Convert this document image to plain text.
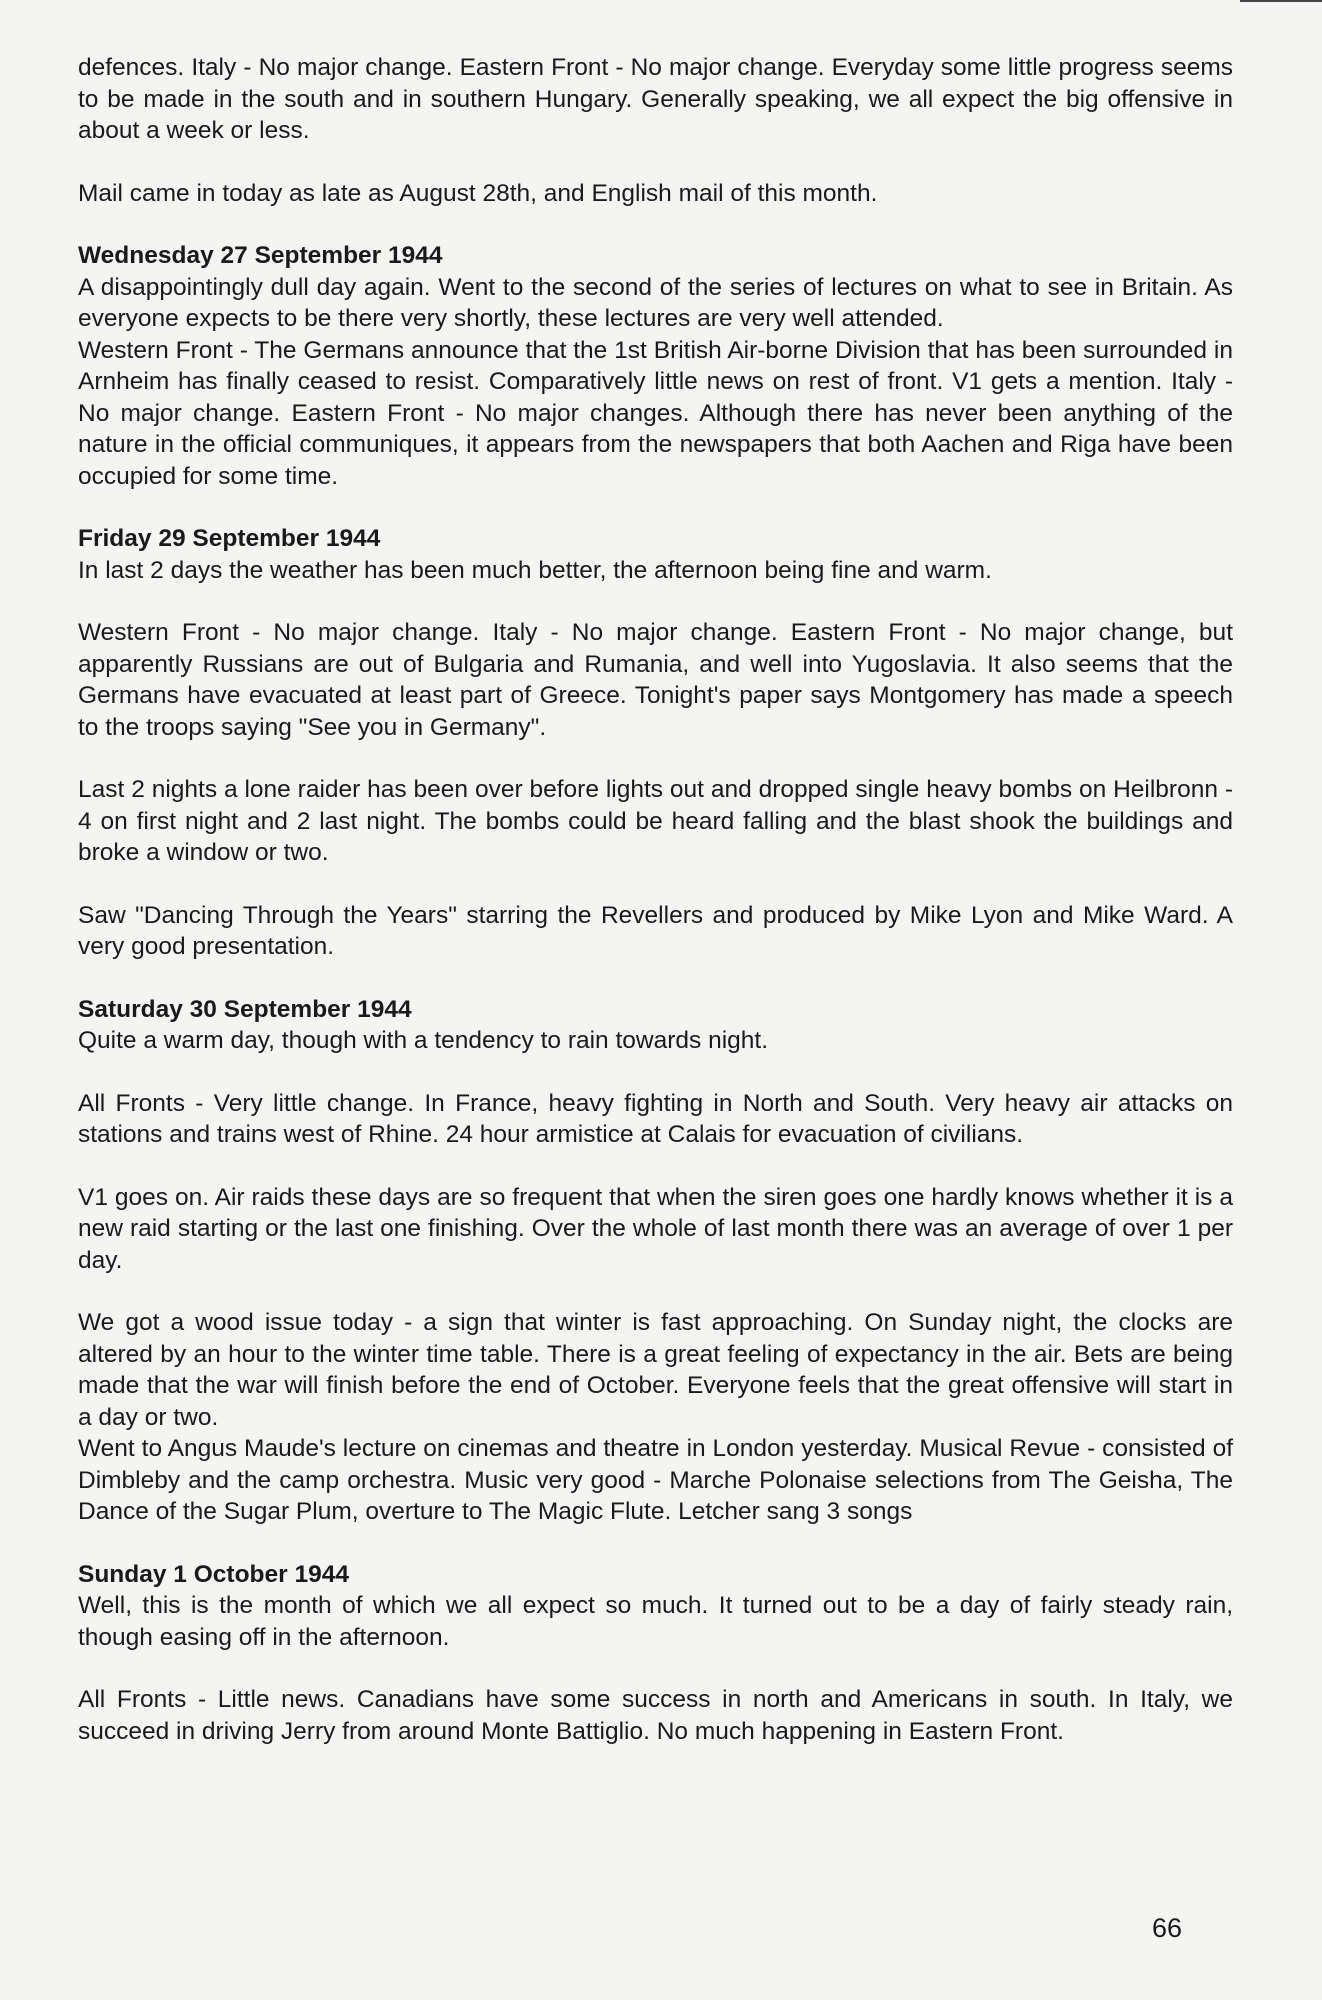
defences. Italy - No major change. Eastern Front - No major change. Everyday some little progress seems to be made in the south and in southern Hungary. Generally speaking, we all expect the big offensive in about a week or less.

Mail came in today as late as August 28th, and English mail of this month.

Wednesday 27 September 1944

A disappointingly dull day again. Went to the second of the series of lectures on what to see in Britain. As everyone expects to be there very shortly, these lectures are very well attended.

Western Front - The Germans announce that the 1st British Air-borne Division that has been surrounded in Arnheim has finally ceased to resist. Comparatively little news on rest of front. V1 gets a mention. Italy - No major change. Eastern Front - No major changes. Although there has never been anything of the nature in the official communiques, it appears from the newspapers that both Aachen and Riga have been occupied for some time.

Friday 29 September 1944

In last 2 days the weather has been much better, the afternoon being fine and warm.

Western Front - No major change. Italy - No major change. Eastern Front - No major change, but apparently Russians are out of Bulgaria and Rumania, and well into Yugoslavia. It also seems that the Germans have evacuated at least part of Greece. Tonight's paper says Montgomery has made a speech to the troops saying "See you in Germany".

Last 2 nights a lone raider has been over before lights out and dropped single heavy bombs on Heilbronn - 4 on first night and 2 last night. The bombs could be heard falling and the blast shook the buildings and broke a window or two.

Saw "Dancing Through the Years" starring the Revellers and produced by Mike Lyon and Mike Ward. A very good presentation.

Saturday 30 September 1944

Quite a warm day, though with a tendency to rain towards night.

All Fronts - Very little change. In France, heavy fighting in North and South. Very heavy air attacks on stations and trains west of Rhine. 24 hour armistice at Calais for evacuation of civilians.

V1 goes on. Air raids these days are so frequent that when the siren goes one hardly knows whether it is a new raid starting or the last one finishing. Over the whole of last month there was an average of over 1 per day.

We got a wood issue today - a sign that winter is fast approaching. On Sunday night, the clocks are altered by an hour to the winter time table. There is a great feeling of expectancy in the air. Bets are being made that the war will finish before the end of October. Everyone feels that the great offensive will start in a day or two.

Went to Angus Maude's lecture on cinemas and theatre in London yesterday. Musical Revue - consisted of Dimbleby and the camp orchestra. Music very good - Marche Polonaise selections from The Geisha, The Dance of the Sugar Plum, overture to The Magic Flute. Letcher sang 3 songs

Sunday 1 October 1944

Well, this is the month of which we all expect so much. It turned out to be a day of fairly steady rain, though easing off in the afternoon.

All Fronts - Little news. Canadians have some success in north and Americans in south. In Italy, we succeed in driving Jerry from around Monte Battiglio. No much happening in Eastern Front.

66
